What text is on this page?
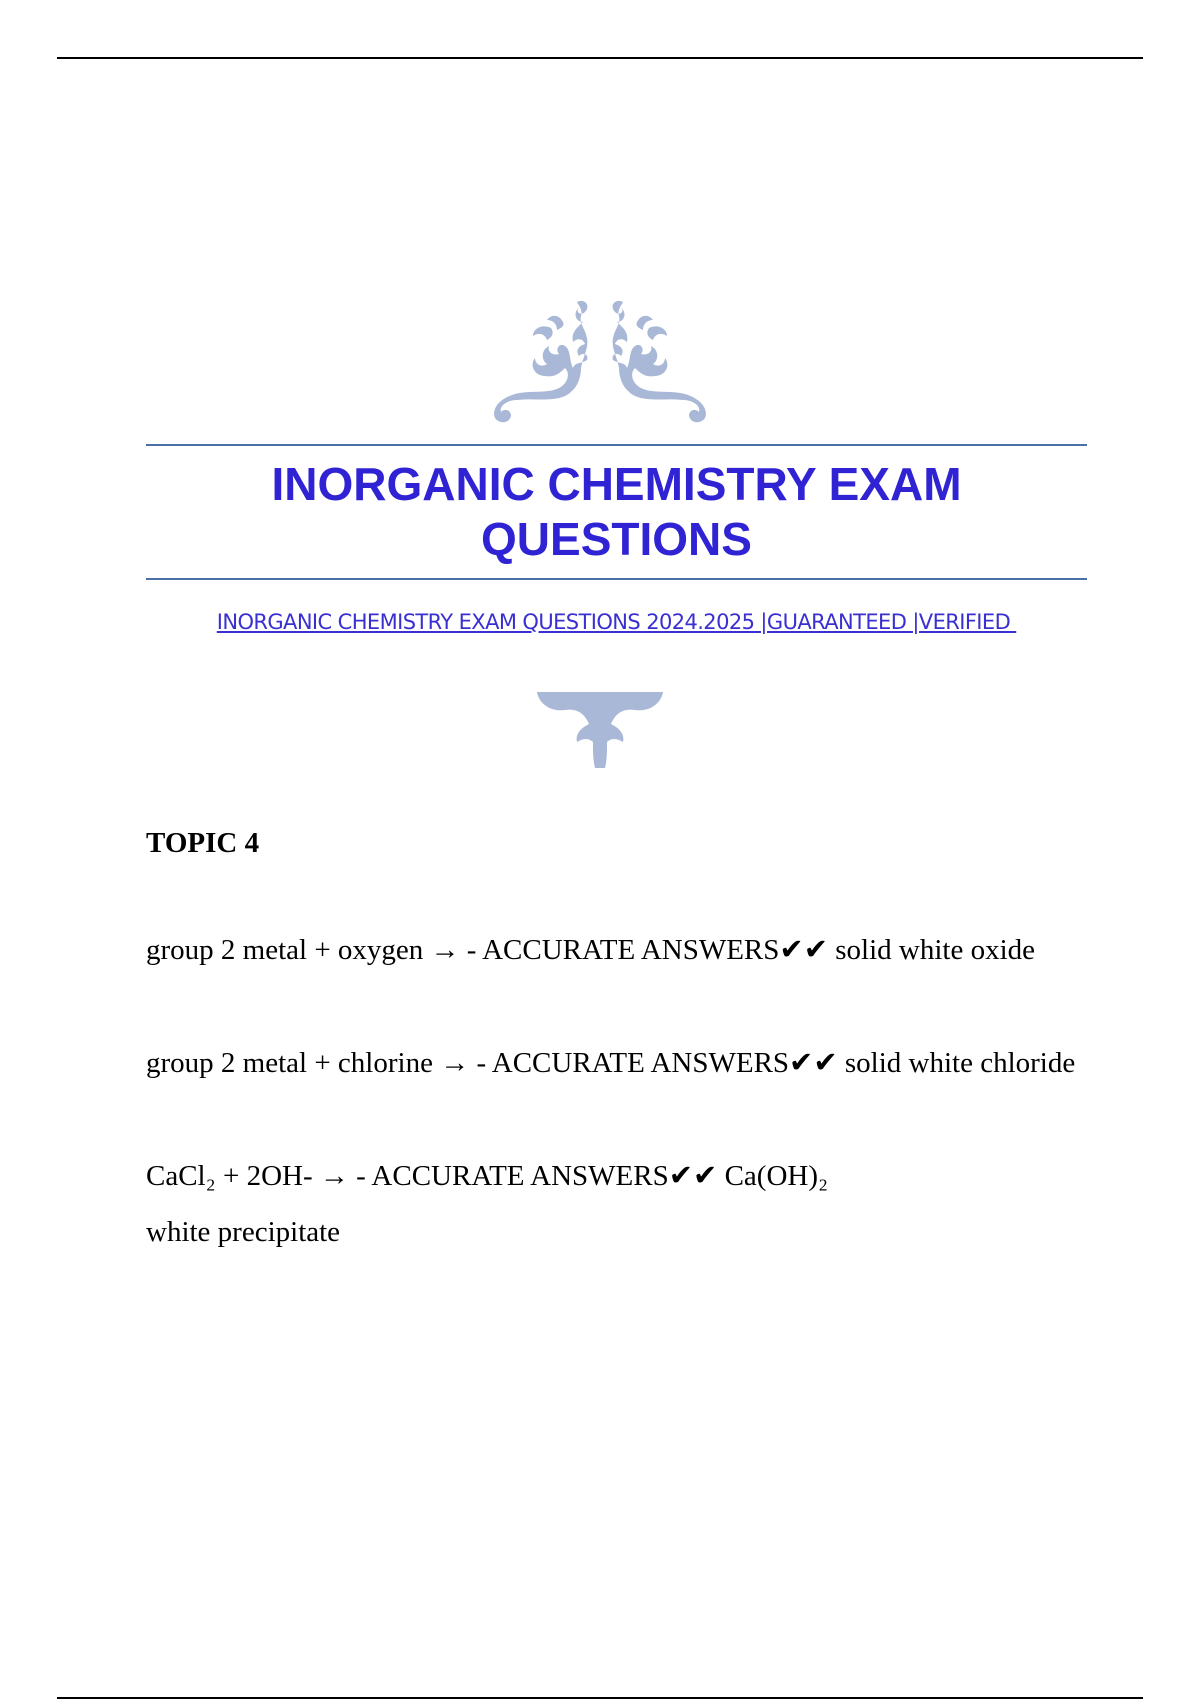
INORGANIC CHEMISTRY EXAM QUESTIONS
INORGANIC CHEMISTRY EXAM QUESTIONS 2024.2025 |GUARANTEED |VERIFIED

TOPIC 4

group 2 metal + oxygen → - ACCURATE ANSWERS✔✔ solid white oxide

group 2 metal + chlorine → - ACCURATE ANSWERS✔✔ solid white chloride

CaCl₂ + 2OH- → - ACCURATE ANSWERS✔✔ Ca(OH)₂

white precipitate
